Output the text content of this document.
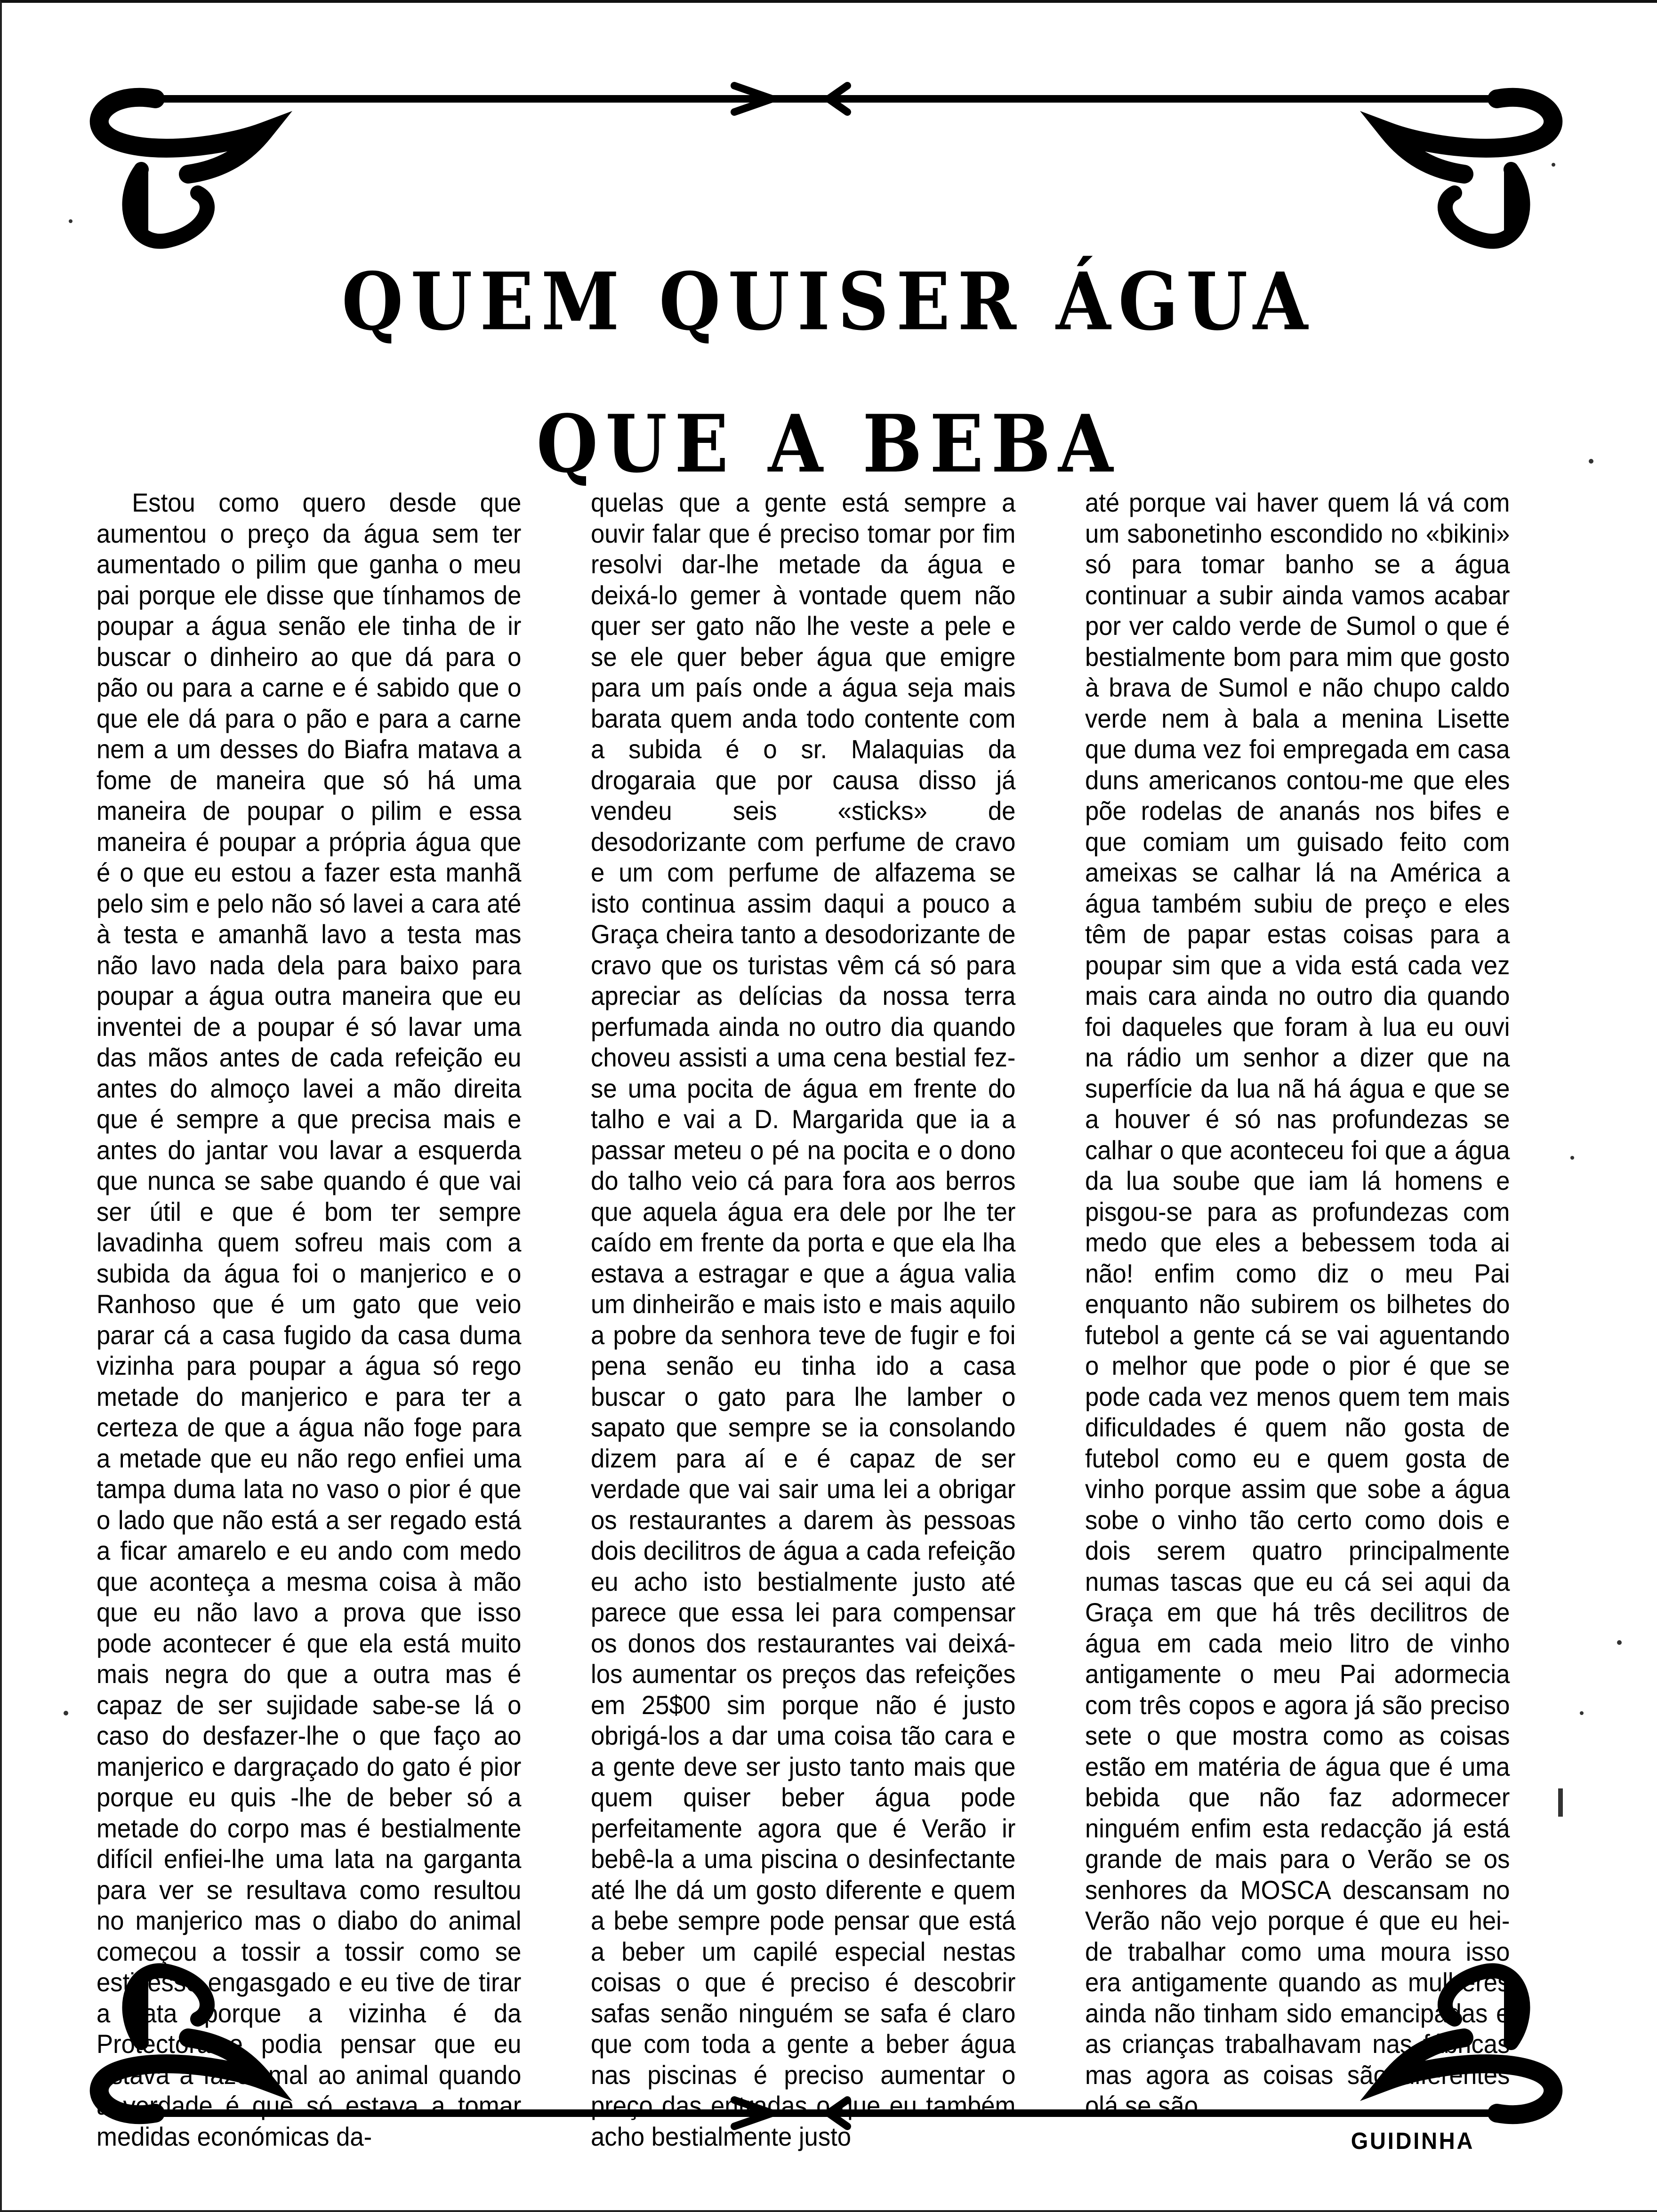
QUEM QUISER ÁGUA
QUE A BEBA

Estou como quero desde que aumentou o preço da água sem ter aumentado o pilim que ganha o meu pai porque ele disse que tínhamos de poupar a água senão ele tinha de ir buscar o dinheiro ao que dá para o pão ou para a carne e é sabido que o que ele dá para o pão e para a carne nem a um desses do Biafra matava a fome de maneira que só há uma maneira de poupar o pilim e essa maneira é poupar a própria água que é o que eu estou a fazer esta manhã pelo sim e pelo não só lavei a cara até à testa e amanhã lavo a testa mas não lavo nada dela para baixo para poupar a água outra maneira que eu inventei de a poupar é só lavar uma das mãos antes de cada refeição eu antes do almoço lavei a mão direita que é sempre a que precisa mais e antes do jantar vou lavar a esquerda que nunca se sabe quando é que vai ser útil e que é bom ter sempre lavadinha quem sofreu mais com a subida da água foi o manjerico e o Ranhoso que é um gato que veio parar cá a casa fugido da casa duma vizinha para poupar a água só rego metade do manjerico e para ter a certeza de que a água não foge para a metade que eu não rego enfiei uma tampa duma lata no vaso o pior é que o lado que não está a ser regado está a ficar amarelo e eu ando com medo que aconteça a mesma coisa à mão que eu não lavo a prova que isso pode acontecer é que ela está muito mais negra do que a outra mas é capaz de ser sujidade sabe-se lá o caso do desfazer-lhe o que faço ao manjerico e dargraçado do gato é pior porque eu quis -lhe de beber só a metade do corpo mas é bestialmente difícil enfiei-lhe uma lata na garganta para ver se resultava como resultou no manjerico mas o diabo do animal começou a tossir a tossir como se estivesse engasgado e eu tive de tirar a lata porque a vizinha é da Protectora e podia pensar que eu estava a fazer mal ao animal quando a verdade é que só estava a tomar medidas económicas da-

quelas que a gente está sempre a ouvir falar que é preciso tomar por fim resolvi dar-lhe metade da água e deixá-lo gemer à vontade quem não quer ser gato não lhe veste a pele e se ele quer beber água que emigre para um país onde a água seja mais barata quem anda todo contente com a subida é o sr. Malaquias da drogaraia que por causa disso já vendeu seis «sticks» de desodorizante com perfume de cravo e um com perfume de alfazema se isto continua assim daqui a pouco a Graça cheira tanto a desodorizante de cravo que os turistas vêm cá só para apreciar as delícias da nossa terra perfumada ainda no outro dia quando choveu assisti a uma cena bestial fez-se uma pocita de água em frente do talho e vai a D. Margarida que ia a passar meteu o pé na pocita e o dono do talho veio cá para fora aos berros que aquela água era dele por lhe ter caído em frente da porta e que ela lha estava a estragar e que a água valia um dinheirão e mais isto e mais aquilo a pobre da senhora teve de fugir e foi pena senão eu tinha ido a casa buscar o gato para lhe lamber o sapato que sempre se ia consolando dizem para aí e é capaz de ser verdade que vai sair uma lei a obrigar os restaurantes a darem às pessoas dois decilitros de água a cada refeição eu acho isto bestialmente justo até parece que essa lei para compensar os donos dos restaurantes vai deixá-los aumentar os preços das refeições em 25$00 sim porque não é justo obrigá-los a dar uma coisa tão cara e a gente deve ser justo tanto mais que quem quiser beber água pode perfeitamente agora que é Verão ir bebê-la a uma piscina o desinfectante até lhe dá um gosto diferente e quem a bebe sempre pode pensar que está a beber um capilé especial nestas coisas o que é preciso é descobrir safas senão ninguém se safa é claro que com toda a gente a beber água nas piscinas é preciso aumentar o preço das entradas o que eu também acho bestialmente justo

até porque vai haver quem lá vá com um sabonetinho escondido no «bikini» só para tomar banho se a água continuar a subir ainda vamos acabar por ver caldo verde de Sumol o que é bestialmente bom para mim que gosto à brava de Sumol e não chupo caldo verde nem à bala a menina Lisette que duma vez foi empregada em casa duns americanos contou-me que eles põe rodelas de ananás nos bifes e que comiam um guisado feito com ameixas se calhar lá na América a água também subiu de preço e eles têm de papar estas coisas para a poupar sim que a vida está cada vez mais cara ainda no outro dia quando foi daqueles que foram à lua eu ouvi na rádio um senhor a dizer que na superfície da lua nã há água e que se a houver é só nas profundezas se calhar o que aconteceu foi que a água da lua soube que iam lá homens e pisgou-se para as profundezas com medo que eles a bebessem toda ai não! enfim como diz o meu Pai enquanto não subirem os bilhetes do futebol a gente cá se vai aguentando o melhor que pode o pior é que se pode cada vez menos quem tem mais dificuldades é quem não gosta de futebol como eu e quem gosta de vinho porque assim que sobe a água sobe o vinho tão certo como dois e dois serem quatro principalmente numas tascas que eu cá sei aqui da Graça em que há três decilitros de água em cada meio litro de vinho antigamente o meu Pai adormecia com três copos e agora já são preciso sete o que mostra como as coisas estão em matéria de água que é uma bebida que não faz adormecer ninguém enfim esta redacção já está grande de mais para o Verão se os senhores da MOSCA descansam no Verão não vejo porque é que eu hei-de trabalhar como uma moura isso era antigamente quando as mulheres ainda não tinham sido emancipadas e as crianças trabalhavam nas fábricas mas agora as coisas são diferentes olá se são.

GUIDINHA
